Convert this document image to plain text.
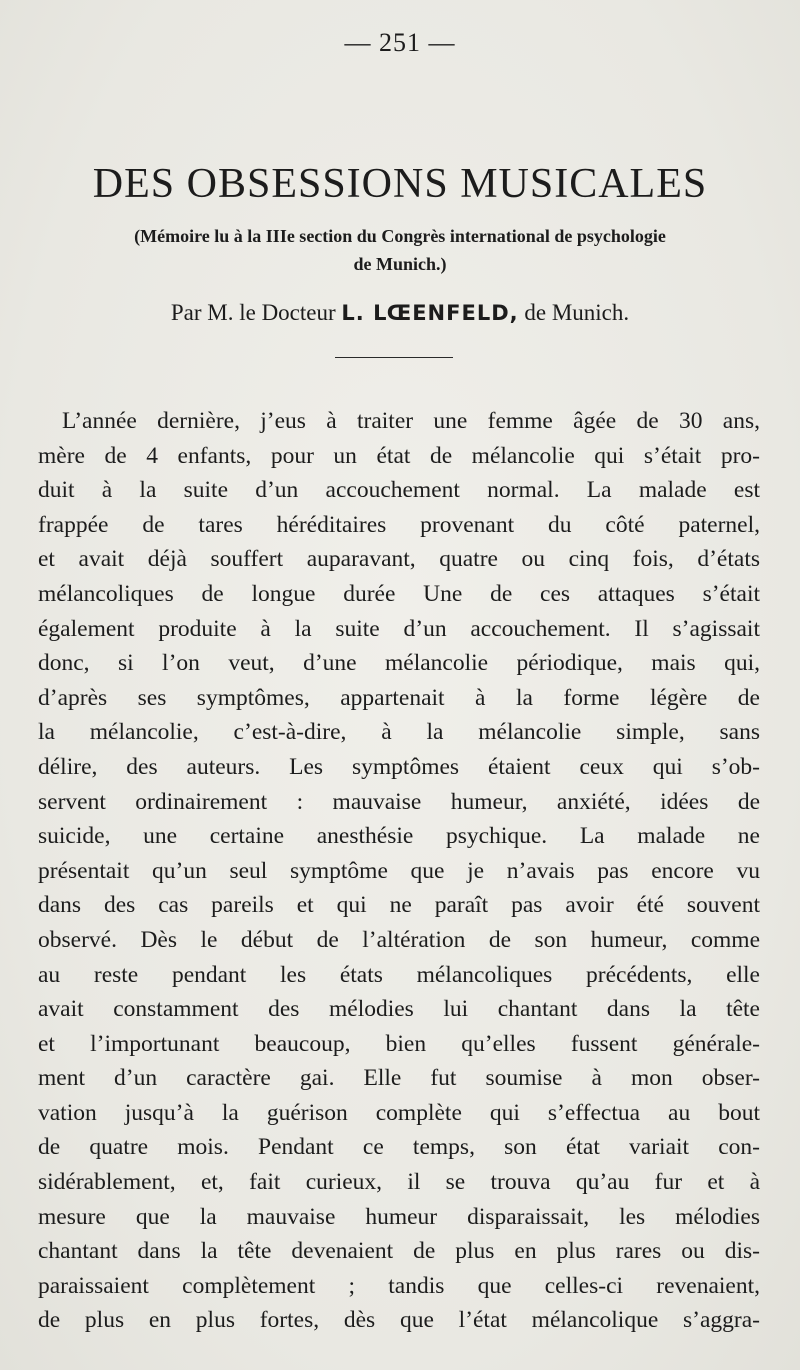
— 251 —
DES OBSESSIONS MUSICALES
(Mémoire lu à la IIIe section du Congrès international de psychologie
de Munich.)
Par M. le Docteur L. LŒENFELD, de Munich.
L’année dernière, j’eus à traiter une femme âgée de 30 ans,
mère de 4 enfants, pour un état de mélancolie qui s’était pro-
duit à la suite d’un accouchement normal. La malade est
frappée de tares héréditaires provenant du côté paternel,
et avait déjà souffert auparavant, quatre ou cinq fois, d’états
mélancoliques de longue durée Une de ces attaques s’était
également produite à la suite d’un accouchement. Il s’agissait
donc, si l’on veut, d’une mélancolie périodique, mais qui,
d’après ses symptômes, appartenait à la forme légère de
la mélancolie, c’est-à-dire, à la mélancolie simple, sans
délire, des auteurs. Les symptômes étaient ceux qui s’ob-
servent ordinairement : mauvaise humeur, anxiété, idées de
suicide, une certaine anesthésie psychique. La malade ne
présentait qu’un seul symptôme que je n’avais pas encore vu
dans des cas pareils et qui ne paraît pas avoir été souvent
observé. Dès le début de l’altération de son humeur, comme
au reste pendant les états mélancoliques précédents, elle
avait constamment des mélodies lui chantant dans la tête
et l’importunant beaucoup, bien qu’elles fussent générale-
ment d’un caractère gai. Elle fut soumise à mon obser-
vation jusqu’à la guérison complète qui s’effectua au bout
de quatre mois. Pendant ce temps, son état variait con-
sidérablement, et, fait curieux, il se trouva qu’au fur et à
mesure que la mauvaise humeur disparaissait, les mélodies
chantant dans la tête devenaient de plus en plus rares ou dis-
paraissaient complètement ; tandis que celles-ci revenaient,
de plus en plus fortes, dès que l’état mélancolique s’aggra-
